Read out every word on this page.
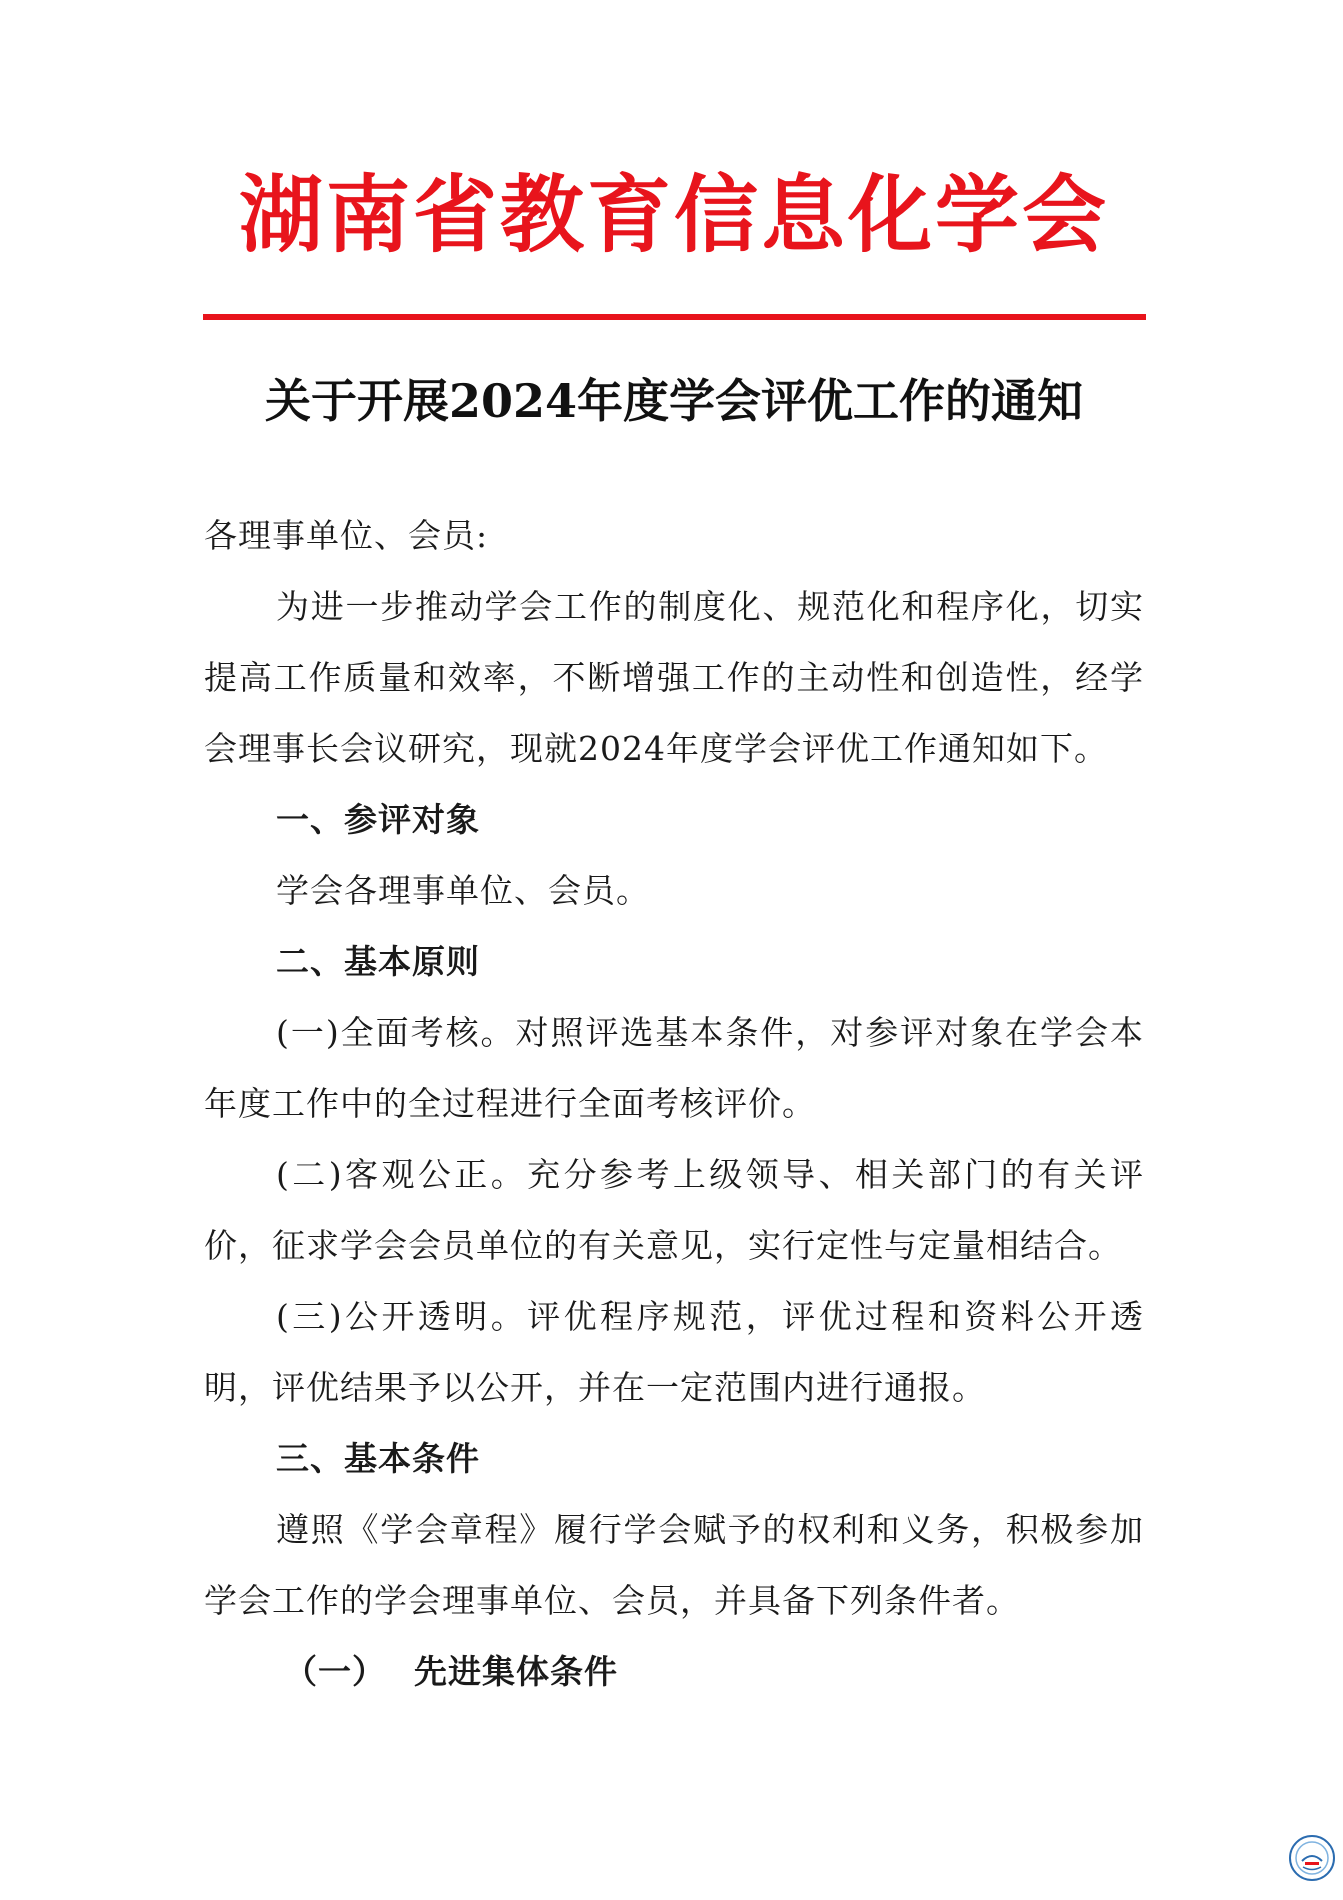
湖南省教育信息化学会
关于开展2024年度学会评优工作的通知

各理事单位、会员:

为进一步推动学会工作的制度化、规范化和程序化，切实提高工作质量和效率，不断增强工作的主动性和创造性，经学会理事长会议研究，现就2024年度学会评优工作通知如下。

一、参评对象

学会各理事单位、会员。

二、基本原则

(一)全面考核。对照评选基本条件，对参评对象在学会本年度工作中的全过程进行全面考核评价。

(二)客观公正。充分参考上级领导、相关部门的有关评价，征求学会会员单位的有关意见，实行定性与定量相结合。

(三)公开透明。评优程序规范，评优过程和资料公开透明，评优结果予以公开，并在一定范围内进行通报。

三、基本条件

遵照《学会章程》履行学会赋予的权利和义务，积极参加学会工作的学会理事单位、会员，并具备下列条件者。

（一） 先进集体条件
